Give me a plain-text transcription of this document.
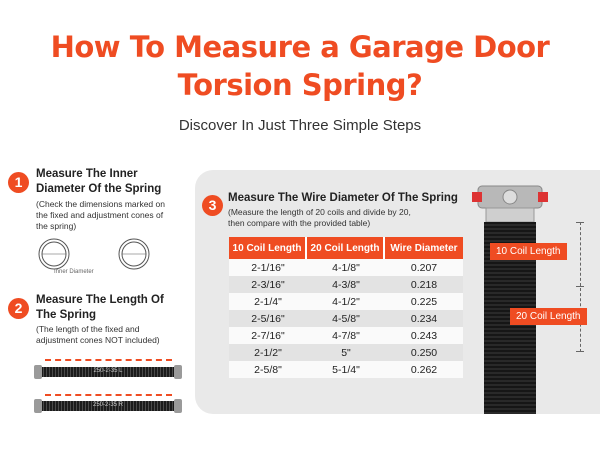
How To Measure a Garage Door
Torsion Spring?
Discover In Just Three Simple Steps
1	Measure The Inner
Diameter Of the Spring
(Check the dimensions marked on
the fixed and adjustment cones of
the spring)
Inner Diameter
2	Measure The Length Of
The Spring
(The length of the fixed and
adjustment cones NOT included)
250-2-35 L
250-2-35 R
3	Measure The Wire Diameter Of The Spring
(Measure the length of 20 coils and divide by 20,
then compare with the provided table)
10 Coil Length	20 Coil Length	Wire Diameter
2-1/16"	4-1/8"	0.207
2-3/16"	4-3/8"	0.218
2-1/4"	4-1/2"	0.225
2-5/16"	4-5/8"	0.234
2-7/16"	4-7/8"	0.243
2-1/2"	5"	0.250
2-5/8"	5-1/4"	0.262
10 Coil Length
20 Coil Length
